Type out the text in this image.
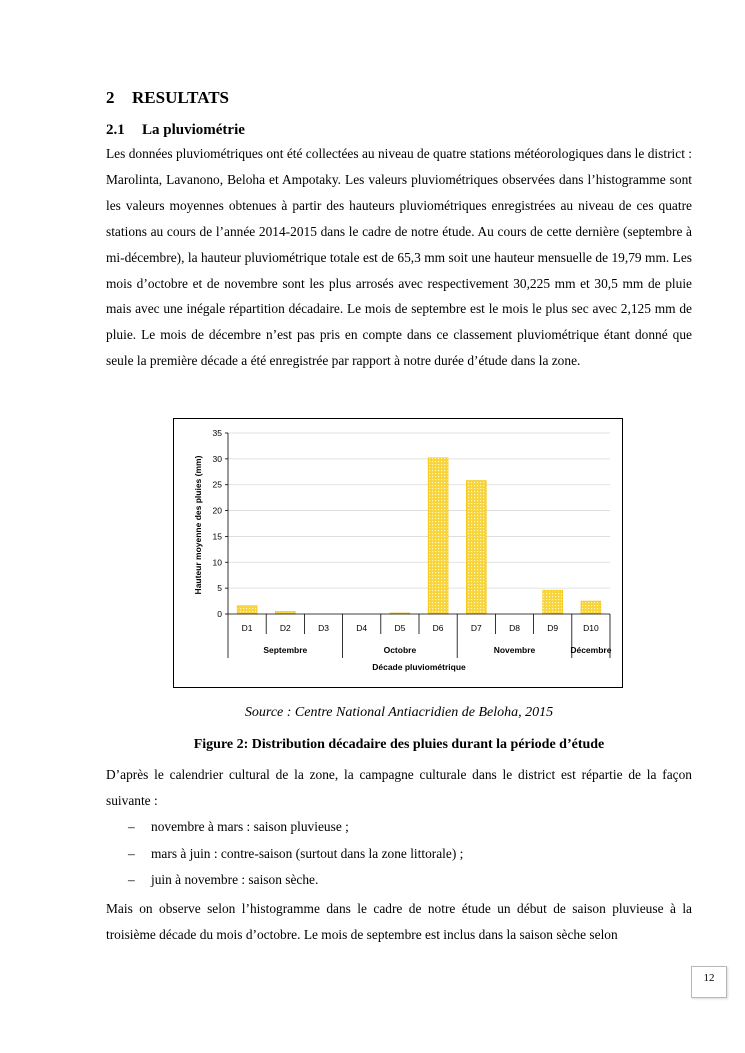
2 RESULTATS
2.1 La pluviométrie

Les données pluviométriques ont été collectées au niveau de quatre stations météorologiques dans le district : Marolinta, Lavanono, Beloha et Ampotaky. Les valeurs pluviométriques observées dans l’histogramme sont les valeurs moyennes obtenues à partir des hauteurs pluviométriques enregistrées au niveau de ces quatre stations au cours de l’année 2014-2015 dans le cadre de notre étude. Au cours de cette dernière (septembre à mi-décembre), la hauteur pluviométrique totale est de 65,3 mm soit une hauteur mensuelle de 19,79 mm. Les mois d’octobre et de novembre sont les plus arrosés avec respectivement 30,225 mm et 30,5 mm de pluie mais avec une inégale répartition décadaire. Le mois de septembre est le mois le plus sec avec 2,125 mm de pluie. Le mois de décembre n’est pas pris en compte dans ce classement pluviométrique étant donné que seule la première décade a été enregistrée par rapport à notre durée d’étude dans la zone.

0
5
10
15
20
25
30
35
D1	D2	D3	D4	D5	D6	D7	D8	D9	D10
Septembre	Octobre	Novembre	Décembre
Hauteur moyenne des pluies (mm)
Décade pluviométrique
Source : Centre National Antiacridien de Beloha, 2015
Figure 2: Distribution décadaire des pluies durant la période d’étude

D’après le calendrier cultural de la zone, la campagne culturale dans le district est répartie de la façon suivante :

– novembre à mars : saison pluvieuse ;
– mars à juin : contre-saison (surtout dans la zone littorale) ;
– juin à novembre : saison sèche.

Mais on observe selon l’histogramme dans le cadre de notre étude un début de saison pluvieuse à la troisième décade du mois d’octobre. Le mois de septembre est inclus dans la saison sèche selon

12
